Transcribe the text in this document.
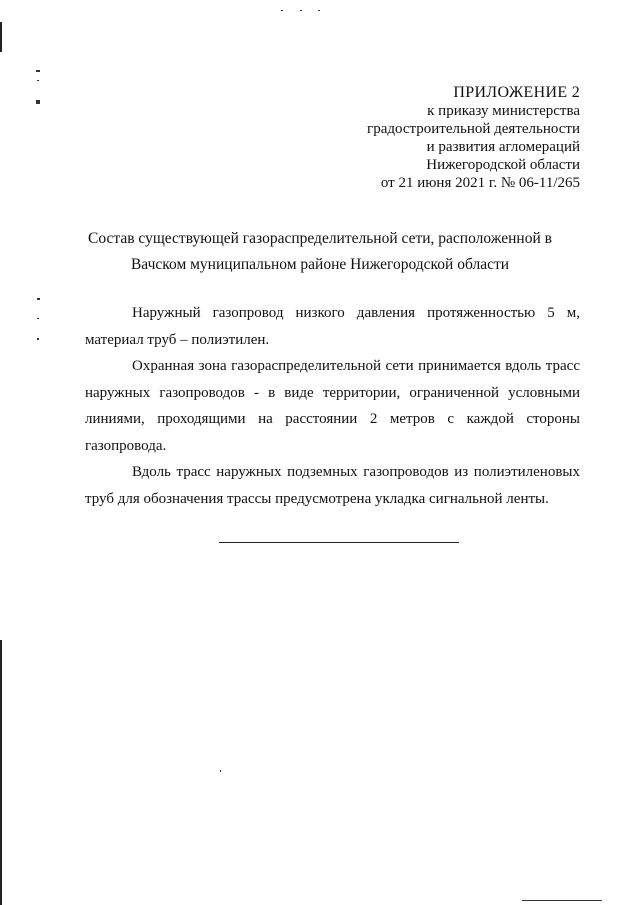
ПРИЛОЖЕНИЕ 2
к приказу министерства
градостроительной деятельности
и развития агломераций
Нижегородской области
от 21 июня 2021 г. № 06-11/265
Состав существующей газораспределительной сети, расположенной в
Вачском муниципальном районе Нижегородской области

Наружный газопровод низкого давления протяженностью 5 м, материал труб – полиэтилен.

Охранная зона газораспределительной сети принимается вдоль трасс наружных газопроводов - в виде территории, ограниченной условными линиями, проходящими на расстоянии 2 метров с каждой стороны газопровода.

Вдоль трасс наружных подземных газопроводов из полиэтиленовых труб для обозначения трассы предусмотрена укладка сигнальной ленты.
